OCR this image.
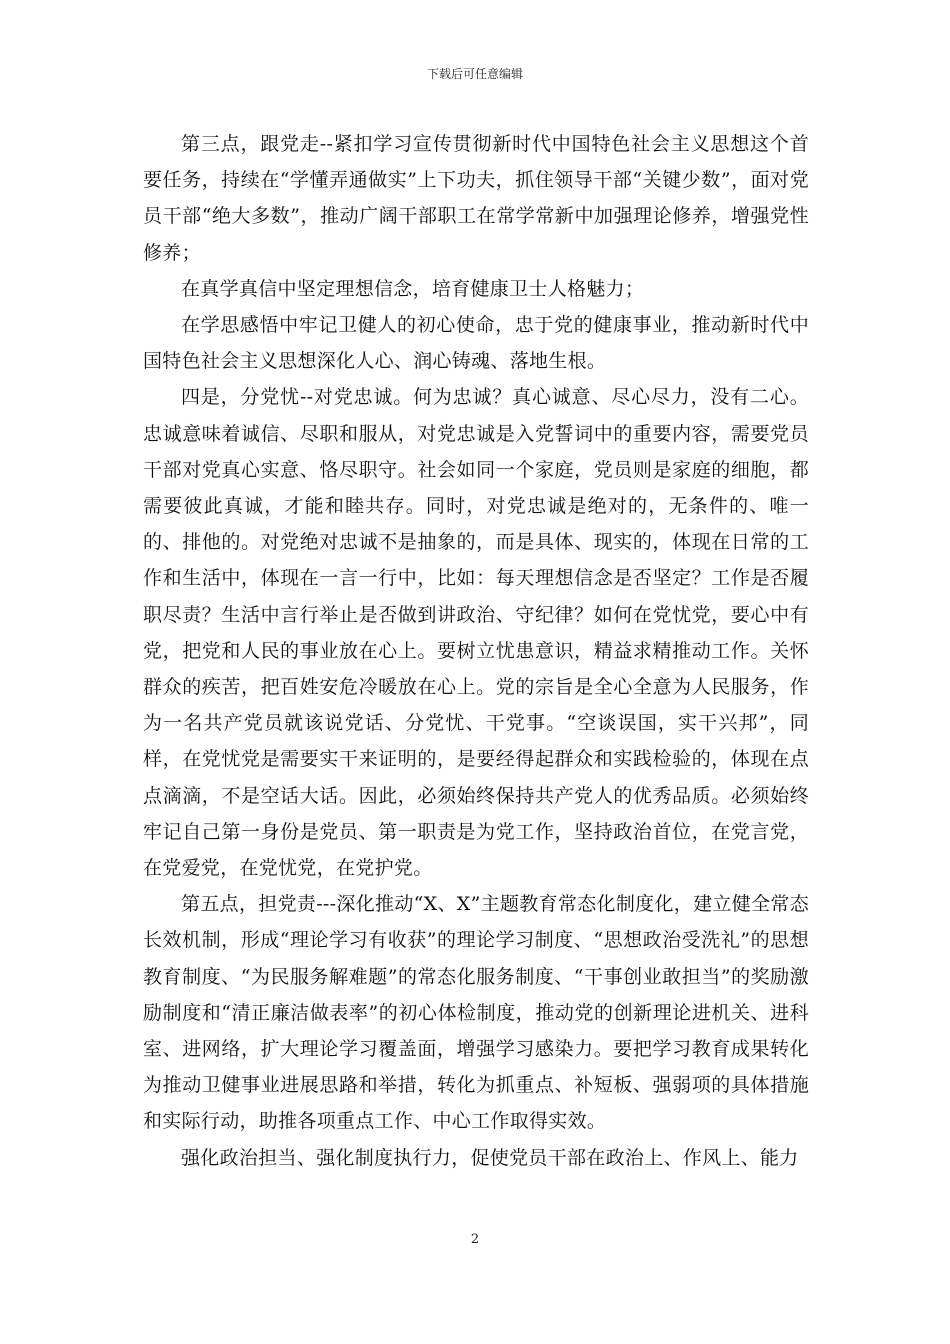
下载后可任意编辑

第三点，跟党走--紧扣学习宣传贯彻新时代中国特色社会主义思想这个首要任务，持续在“学懂弄通做实”上下功夫，抓住领导干部“关键少数”，面对党员干部“绝大多数”，推动广阔干部职工在常学常新中加强理论修养，增强党性修养；

在真学真信中坚定理想信念，培育健康卫士人格魅力；

在学思感悟中牢记卫健人的初心使命，忠于党的健康事业，推动新时代中国特色社会主义思想深化人心、润心铸魂、落地生根。

四是，分党忧--对党忠诚。何为忠诚？真心诚意、尽心尽力，没有二心。忠诚意味着诚信、尽职和服从，对党忠诚是入党誓词中的重要内容，需要党员干部对党真心实意、恪尽职守。社会如同一个家庭，党员则是家庭的细胞，都需要彼此真诚，才能和睦共存。同时，对党忠诚是绝对的，无条件的、唯一的、排他的。对党绝对忠诚不是抽象的，而是具体、现实的，体现在日常的工作和生活中，体现在一言一行中，比如：每天理想信念是否坚定？工作是否履职尽责？生活中言行举止是否做到讲政治、守纪律？如何在党忧党，要心中有党，把党和人民的事业放在心上。要树立忧患意识，精益求精推动工作。关怀群众的疾苦，把百姓安危冷暖放在心上。党的宗旨是全心全意为人民服务，作为一名共产党员就该说党话、分党忧、干党事。“空谈误国，实干兴邦”，同样，在党忧党是需要实干来证明的，是要经得起群众和实践检验的，体现在点点滴滴，不是空话大话。因此，必须始终保持共产党人的优秀品质。必须始终牢记自己第一身份是党员、第一职责是为党工作，坚持政治首位，在党言党，在党爱党，在党忧党，在党护党。

第五点，担党责---深化推动“X、X”主题教育常态化制度化，建立健全常态长效机制，形成“理论学习有收获”的理论学习制度、“思想政治受洗礼”的思想教育制度、“为民服务解难题”的常态化服务制度、“干事创业敢担当”的奖励激励制度和“清正廉洁做表率”的初心体检制度，推动党的创新理论进机关、进科室、进网络，扩大理论学习覆盖面，增强学习感染力。要把学习教育成果转化为推动卫健事业进展思路和举措，转化为抓重点、补短板、强弱项的具体措施和实际行动，助推各项重点工作、中心工作取得实效。

强化政治担当、强化制度执行力，促使党员干部在政治上、作风上、能力

2
